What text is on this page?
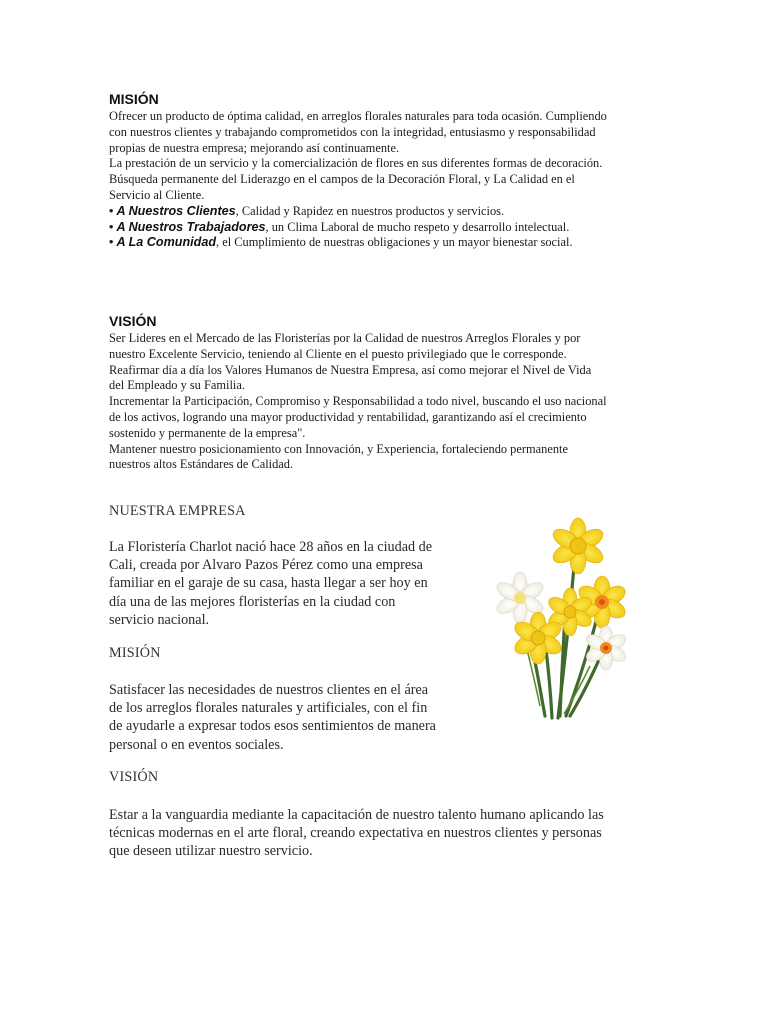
MISIÓN

Ofrecer un producto de óptima calidad, en arreglos florales naturales para toda ocasión. Cumpliendo

con nuestros clientes y trabajando comprometidos con la integridad, entusiasmo y responsabilidad

propias de nuestra empresa; mejorando así continuamente.

La prestación de un servicio y la comercialización de flores en sus diferentes formas de decoración.

Búsqueda permanente del Liderazgo en el campos de la Decoración Floral, y La Calidad en el

Servicio al Cliente.

• A Nuestros Clientes, Calidad y Rapidez en nuestros productos y servicios.

• A Nuestros Trabajadores, un Clima Laboral de mucho respeto y desarrollo intelectual.

• A La Comunidad, el Cumplimiento de nuestras obligaciones y un mayor bienestar social.

VISIÓN

Ser Lideres en el Mercado de las Floristerías por la Calidad de nuestros Arreglos Florales y por

nuestro Excelente Servicio, teniendo al Cliente en el puesto privilegiado que le corresponde.

Reafirmar día a día los Valores Humanos de Nuestra Empresa, así como mejorar el Nivel de Vida

del Empleado y su Familia.

Incrementar la Participación, Compromiso y Responsabilidad a todo nivel, buscando el uso nacional

de los activos, logrando una mayor productividad y rentabilidad, garantizando así el crecimiento

sostenido y permanente de la empresa".

Mantener nuestro posicionamiento con Innovación, y Experiencia, fortaleciendo permanente

nuestros altos Estándares de Calidad.

NUESTRA EMPRESA
La Floristería Charlot nació hace 28 años en la ciudad de
Cali, creada por Alvaro Pazos Pérez como una empresa
familiar en el garaje de su casa, hasta llegar a ser hoy en
día una de las mejores floristerías en la ciudad con
servicio nacional.
MISIÓN
Satisfacer las necesidades de nuestros clientes en el área
de los arreglos florales naturales y artificiales, con el fin
de ayudarle a expresar todos esos sentimientos de manera
personal o en eventos sociales.
VISIÓN
Estar a la vanguardia mediante la capacitación de nuestro talento humano aplicando las
técnicas modernas en el arte floral, creando expectativa en nuestros clientes y personas
que deseen utilizar nuestro servicio.
